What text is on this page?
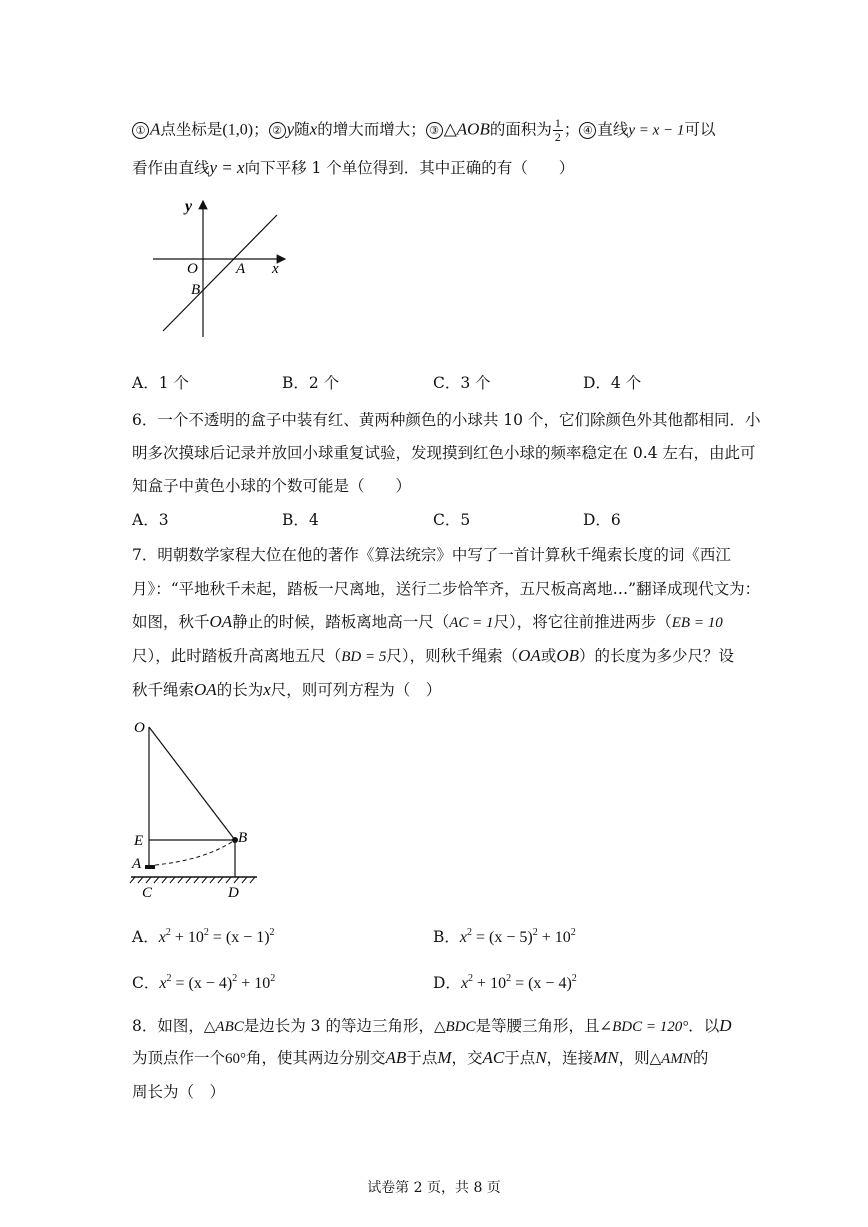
① A点坐标是(1,0)； ② y随x的增大而增大； ③ △AOB的面积为 $\frac{1}{2}$ ； ④ 直线y = x − 1可以
看作由直线y = x向下平移 1 个单位得到．其中正确的有（　　）
y
x
O	A
B
A．1 个	B．2 个	C．3 个	D．4 个
6．一个不透明的盒子中装有红、黄两种颜色的小球共 10 个，它们除颜色外其他都相同．小
明多次摸球后记录并放回小球重复试验，发现摸到红色小球的频率稳定在 0.4 左右，由此可
知盒子中黄色小球的个数可能是（　　）
A．3	B．4	C．5	D．6
7．明朝数学家程大位在他的著作《算法统宗》中写了一首计算秋千绳索长度的词《西江
月》：“平地秋千未起，踏板一尺离地，送行二步恰竿齐，五尺板高离地…”翻译成现代文为：
如图，秋千OA静止的时候，踏板离地高一尺（AC = 1尺），将它往前推进两步（EB = 10
尺），此时踏板升高离地五尺（BD = 5尺），则秋千绳索（OA或OB）的长度为多少尺？设
秋千绳索OA的长为x尺，则可列方程为（　）
O
E	B
A
C	D
A．$x^2 + 10^2 = (x - 1)^2$	B．$x^2 = (x - 5)^2 + 10^2$
C．$x^2 = (x - 4)^2 + 10^2$	D．$x^2 + 10^2 = (x - 4)^2$
8．如图，△ABC是边长为 3 的等边三角形，△BDC是等腰三角形，且∠BDC = 120°．以D
为顶点作一个60°角，使其两边分别交AB于点M，交AC于点N，连接MN，则△AMN的
周长为（　）
试卷第 2 页，共 8 页
